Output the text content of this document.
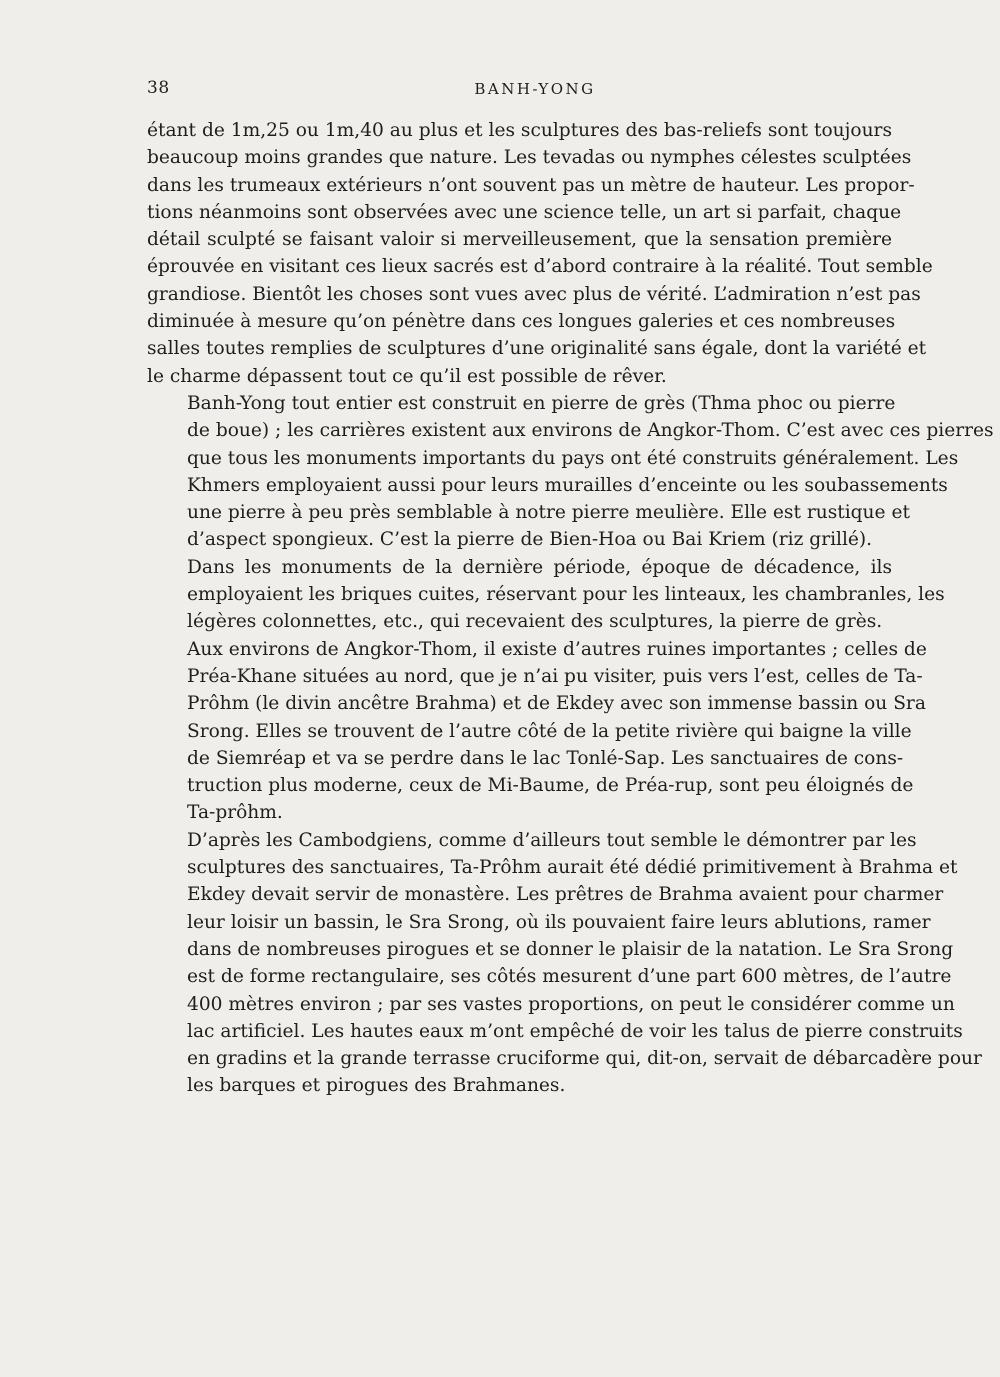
38	BANH-YONG
étant de 1m,25 ou 1m,40 au plus et les sculptures des bas-reliefs sont toujours
beaucoup moins grandes que nature. Les tevadas ou nymphes célestes sculptées
dans les trumeaux extérieurs n’ont souvent pas un mètre de hauteur. Les propor-
tions néanmoins sont observées avec une science telle, un art si parfait, chaque
détail sculpté se faisant valoir si merveilleusement, que la sensation première
éprouvée en visitant ces lieux sacrés est d’abord contraire à la réalité. Tout semble
grandiose. Bientôt les choses sont vues avec plus de vérité. L’admiration n’est pas
diminuée à mesure qu’on pénètre dans ces longues galeries et ces nombreuses
salles toutes remplies de sculptures d’une originalité sans égale, dont la variété et
le charme dépassent tout ce qu’il est possible de rêver.
Banh-Yong tout entier est construit en pierre de grès (Thma phoc ou pierre
de boue) ; les carrières existent aux environs de Angkor-Thom. C’est avec ces pierres
que tous les monuments importants du pays ont été construits généralement. Les
Khmers employaient aussi pour leurs murailles d’enceinte ou les soubassements
une pierre à peu près semblable à notre pierre meulière. Elle est rustique et
d’aspect spongieux. C’est la pierre de Bien-Hoa ou Bai Kriem (riz grillé).
Dans les monuments de la dernière période, époque de décadence, ils
employaient les briques cuites, réservant pour les linteaux, les chambranles, les
légères colonnettes, etc., qui recevaient des sculptures, la pierre de grès.
Aux environs de Angkor-Thom, il existe d’autres ruines importantes ; celles de
Préa-Khane situées au nord, que je n’ai pu visiter, puis vers l’est, celles de Ta-
Prôhm (le divin ancêtre Brahma) et de Ekdey avec son immense bassin ou Sra
Srong. Elles se trouvent de l’autre côté de la petite rivière qui baigne la ville
de Siemréap et va se perdre dans le lac Tonlé-Sap. Les sanctuaires de cons-
truction plus moderne, ceux de Mi-Baume, de Préa-rup, sont peu éloignés de
Ta-prôhm.
D’après les Cambodgiens, comme d’ailleurs tout semble le démontrer par les
sculptures des sanctuaires, Ta-Prôhm aurait été dédié primitivement à Brahma et
Ekdey devait servir de monastère. Les prêtres de Brahma avaient pour charmer
leur loisir un bassin, le Sra Srong, où ils pouvaient faire leurs ablutions, ramer
dans de nombreuses pirogues et se donner le plaisir de la natation. Le Sra Srong
est de forme rectangulaire, ses côtés mesurent d’une part 600 mètres, de l’autre
400 mètres environ ; par ses vastes proportions, on peut le considérer comme un
lac artificiel. Les hautes eaux m’ont empêché de voir les talus de pierre construits
en gradins et la grande terrasse cruciforme qui, dit-on, servait de débarcadère pour
les barques et pirogues des Brahmanes.
